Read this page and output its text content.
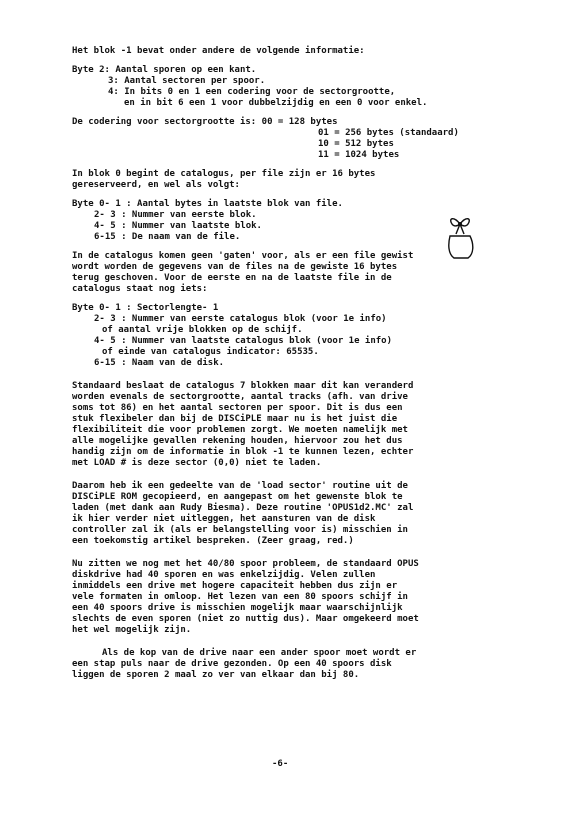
Het blok -1 bevat onder andere de volgende informatie:
Byte 2: Aantal sporen op een kant.
3: Aantal sectoren per spoor.
4: In bits 0 en 1 een codering voor de sectorgrootte,
en in bit 6 een 1 voor dubbelzijdig en een 0 voor enkel.
De codering voor sectorgrootte is: 00 = 128 bytes
01 = 256 bytes (standaard)
10 = 512 bytes
11 = 1024 bytes
In blok 0 begint de catalogus, per file zijn er 16 bytes
gereserveerd, en wel als volgt:
Byte 0- 1 : Aantal bytes in laatste blok van file.
2- 3 : Nummer van eerste blok.
4- 5 : Nummer van laatste blok.
6-15 : De naam van de file.
In de catalogus komen geen 'gaten' voor, als er een file gewist
wordt worden de gegevens van de files na de gewiste 16 bytes
terug geschoven. Voor de eerste en na de laatste file in de
catalogus staat nog iets:
Byte 0- 1 : Sectorlengte- 1
2- 3 : Nummer van eerste catalogus blok (voor 1e info)
of aantal vrije blokken op de schijf.
4- 5 : Nummer van laatste catalogus blok (voor 1e info)
of einde van catalogus indicator: 65535.
6-15 : Naam van de disk.
Standaard beslaat de catalogus 7 blokken maar dit kan veranderd
worden evenals de sectorgrootte, aantal tracks (afh. van drive
soms tot 86) en het aantal sectoren per spoor. Dit is dus een
stuk flexibeler dan bij de DISCiPLE maar nu is het juist die
flexibiliteit die voor problemen zorgt. We moeten namelijk met
alle mogelijke gevallen rekening houden, hiervoor zou het dus
handig zijn om de informatie in blok -1 te kunnen lezen, echter
met LOAD # is deze sector (0,0) niet te laden.
Daarom heb ik een gedeelte van de 'load sector' routine uit de
DISCiPLE ROM gecopieerd, en aangepast om het gewenste blok te
laden (met dank aan Rudy Biesma). Deze routine 'OPUS1d2.MC' zal
ik hier verder niet uitleggen, het aansturen van de disk
controller zal ik (als er belangstelling voor is) misschien in
een toekomstig artikel bespreken. (Zeer graag, red.)
Nu zitten we nog met het 40/80 spoor probleem, de standaard OPUS
diskdrive had 40 sporen en was enkelzijdig. Velen zullen
inmiddels een drive met hogere capaciteit hebben dus zijn er
vele formaten in omloop. Het lezen van een 80 spoors schijf in
een 40 spoors drive is misschien mogelijk maar waarschijnlijk
slechts de even sporen (niet zo nuttig dus). Maar omgekeerd moet
het wel mogelijk zijn.
Als de kop van de drive naar een ander spoor moet wordt er
een stap puls naar de drive gezonden. Op een 40 spoors disk
liggen de sporen 2 maal zo ver van elkaar dan bij 80.
-6-
